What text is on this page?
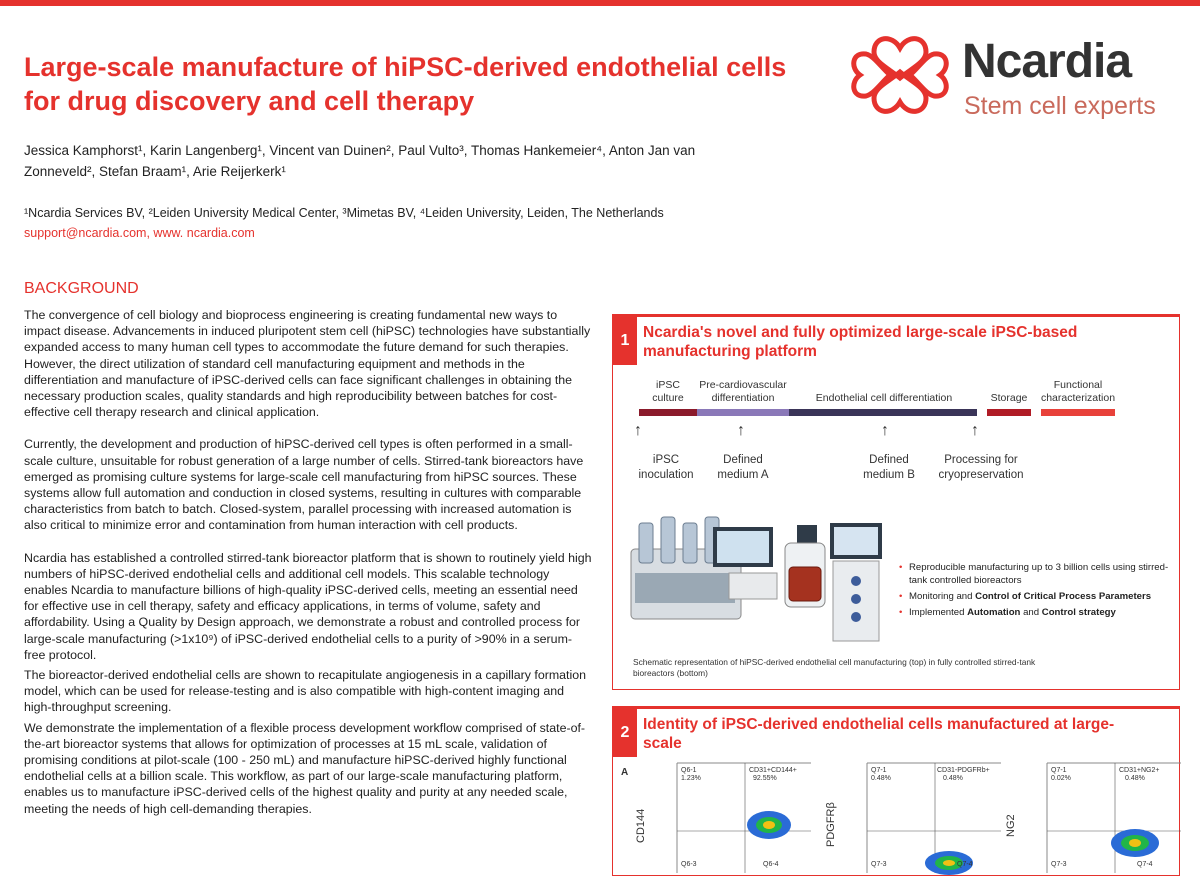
Large-scale manufacture of hiPSC-derived endothelial cells for drug discovery and cell therapy
Ncardia
Stem cell experts
Jessica Kamphorst¹, Karin Langenberg¹, Vincent van Duinen², Paul Vulto³, Thomas Hankemeier⁴, Anton Jan van Zonneveld², Stefan Braam¹, Arie Reijerkerk¹
¹Ncardia Services BV, ²Leiden University Medical Center, ³Mimetas BV, ⁴Leiden University, Leiden, The Netherlands
support@ncardia.com, www. ncardia.com
BACKGROUND

The convergence of cell biology and bioprocess engineering is creating fundamental new ways to impact disease. Advancements in induced pluripotent stem cell (hiPSC) technologies have substantially expanded access to many human cell types to accommodate the future demand for such therapies. However, the direct utilization of standard cell manufacturing equipment and methods in the differentiation and manufacture of iPSC-derived cells can face significant challenges in obtaining the necessary production scales, quality standards and high reproducibility between batches for cost-effective cell therapy research and clinical application.

Currently, the development and production of hiPSC-derived cell types is often performed in a small-scale culture, unsuitable for robust generation of a large number of cells. Stirred-tank bioreactors have emerged as promising culture systems for large-scale cell manufacturing from hiPSC sources. These systems allow full automation and conduction in closed systems, resulting in cultures with comparable characteristics from batch to batch. Closed-system, parallel processing with increased automation is also critical to minimize error and contamination from human interaction with cell products.

Ncardia has established a controlled stirred-tank bioreactor platform that is shown to routinely yield high numbers of hiPSC-derived endothelial cells and additional cell models. This scalable technology enables Ncardia to manufacture billions of high-quality iPSC-derived cells, meeting an essential need for effective use in cell therapy, safety and efficacy applications, in terms of volume, safety and affordability. Using a Quality by Design approach, we demonstrate a robust and controlled process for large-scale manufacturing (>1x10⁹) of iPSC-derived endothelial cells to a purity of >90% in a serum-free protocol.

The bioreactor-derived endothelial cells are shown to recapitulate angiogenesis in a capillary formation model, which can be used for release-testing and is also compatible with high-content imaging and high-throughput screening.

We demonstrate the implementation of a flexible process development workflow comprised of state-of-the-art bioreactor systems that allows for optimization of processes at 15 mL scale, validation of promising conditions at pilot-scale (100 - 250 mL) and manufacture hiPSC-derived highly functional endothelial cells at a billion scale. This workflow, as part of our large-scale manufacturing platform, enables us to manufacture iPSC-derived cells of the highest quality and purity at any needed scale, meeting the needs of high cell-demanding therapies.

1 Ncardia's novel and fully optimized large-scale iPSC-based manufacturing platform
iPSC culture
Pre-cardiovascular differentiation	Endothelial cell differentiation	Storage
Functional characterization
↑	↑	↑	↑
iPSC inoculation
Defined medium A
Defined medium B
Processing for cryopreservation
• Reproducible manufacturing up to 3 billion cells using stirred-tank controlled bioreactors
• Monitoring and Control of Critical Process Parameters
• Implemented Automation and Control strategy
Schematic representation of hiPSC-derived endothelial cell manufacturing (top) in fully controlled stirred-tank bioreactors (bottom)
2 Identity of iPSC-derived endothelial cells manufactured at large-scale
A
CD144
Q6-1
1.23%
CD31+CD144+
92.55%
Q6-3	Q6-4
PDGFRβ
Q7-1
0.48%
CD31-PDGFRb+
0.48%
Q7-3	Q7-4
NG2
Q7-1
0.02%
CD31+NG2+
0.48%
Q7-3	Q7-4
